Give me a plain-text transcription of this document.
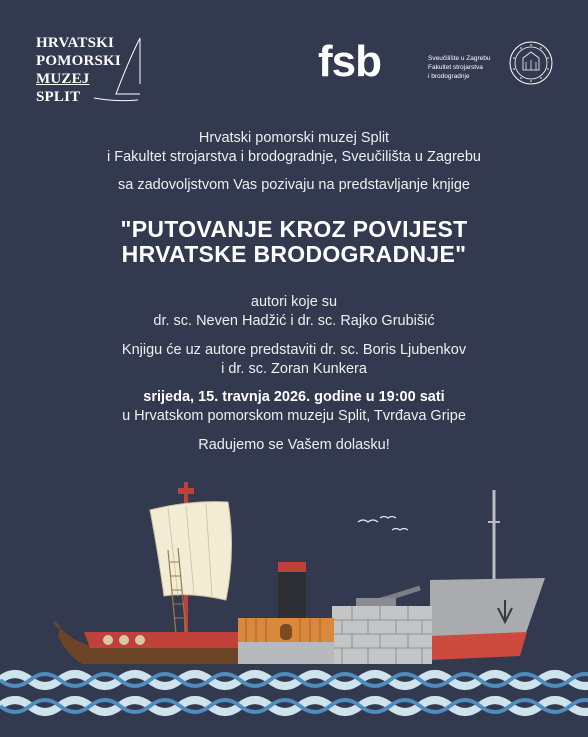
HRVATSKI
POMORSKI
MUZEJ
SPLIT
fsb	Sveučilište u Zagrebu
Fakultet strojarstva
i brodogradnje
Hrvatski pomorski muzej Split
i Fakultet strojarstva i brodogradnje, Sveučilišta u Zagrebu
sa zadovoljstvom Vas pozivaju na predstavljanje knjige
"PUTOVANJE KROZ POVIJEST
HRVATSKE BRODOGRADNJE"
autori koje su
dr. sc. Neven Hadžić i dr. sc. Rajko Grubišić
Knjigu će uz autore predstaviti dr. sc. Boris Ljubenkov
i dr. sc. Zoran Kunkera
srijeda, 15. travnja 2026. godine u 19:00 sati
u Hrvatskom pomorskom muzeju Split, Tvrđava Gripe
Radujemo se Vašem dolasku!
